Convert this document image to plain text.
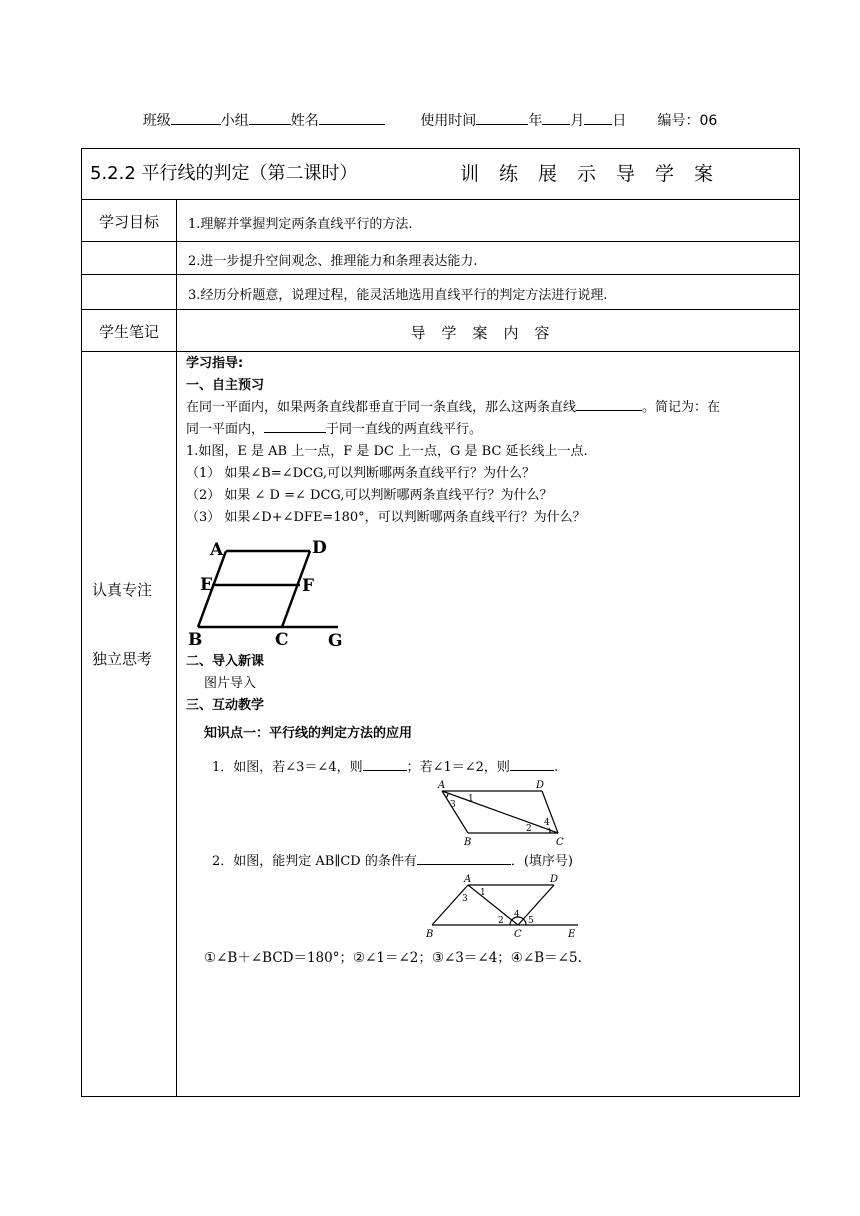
班级	小组	姓名	使用时间	年 月 日 编号：06
5.2.2 平行线的判定（第二课时）	训练展示导学案
学习目标	1.理解并掌握判定两条直线平行的方法.
2.进一步提升空间观念、推理能力和条理表达能力.
3.经历分析题意，说理过程，能灵活地选用直线平行的判定方法进行说理.
学生笔记	导学案内容
认真专注
独立思考
学习指导:
一、自主预习
在同一平面内，如果两条直线都垂直于同一条直线，那么这两条直线	。简记为：在
同一平面内，	于同一直线的两直线平行。
1.如图，E 是 AB 上一点，F 是 DC 上一点，G 是 BC 延长线上一点.
（1） 如果∠B=∠DCG,可以判断哪两条直线平行？为什么？
（2） 如果 ∠ D =∠ DCG,可以判断哪两条直线平行？为什么？
（3） 如果∠D+∠DFE=180°，可以判断哪两条直线平行？为什么？
A	D
E	F
B	C G
二、导入新课
图片导入
三、互动教学
知识点一：平行线的判定方法的应用
1．如图，若∠3＝∠4，则	；若∠1＝∠2，则	.
A	D
B	C
1
2
3
4
2．如图，能判定 AB∥CD 的条件有	．(填序号)
A	D
B	C	E
1
2
3
4
5
①∠B＋∠BCD＝180°；②∠1＝∠2；③∠3＝∠4；④∠B＝∠5.
